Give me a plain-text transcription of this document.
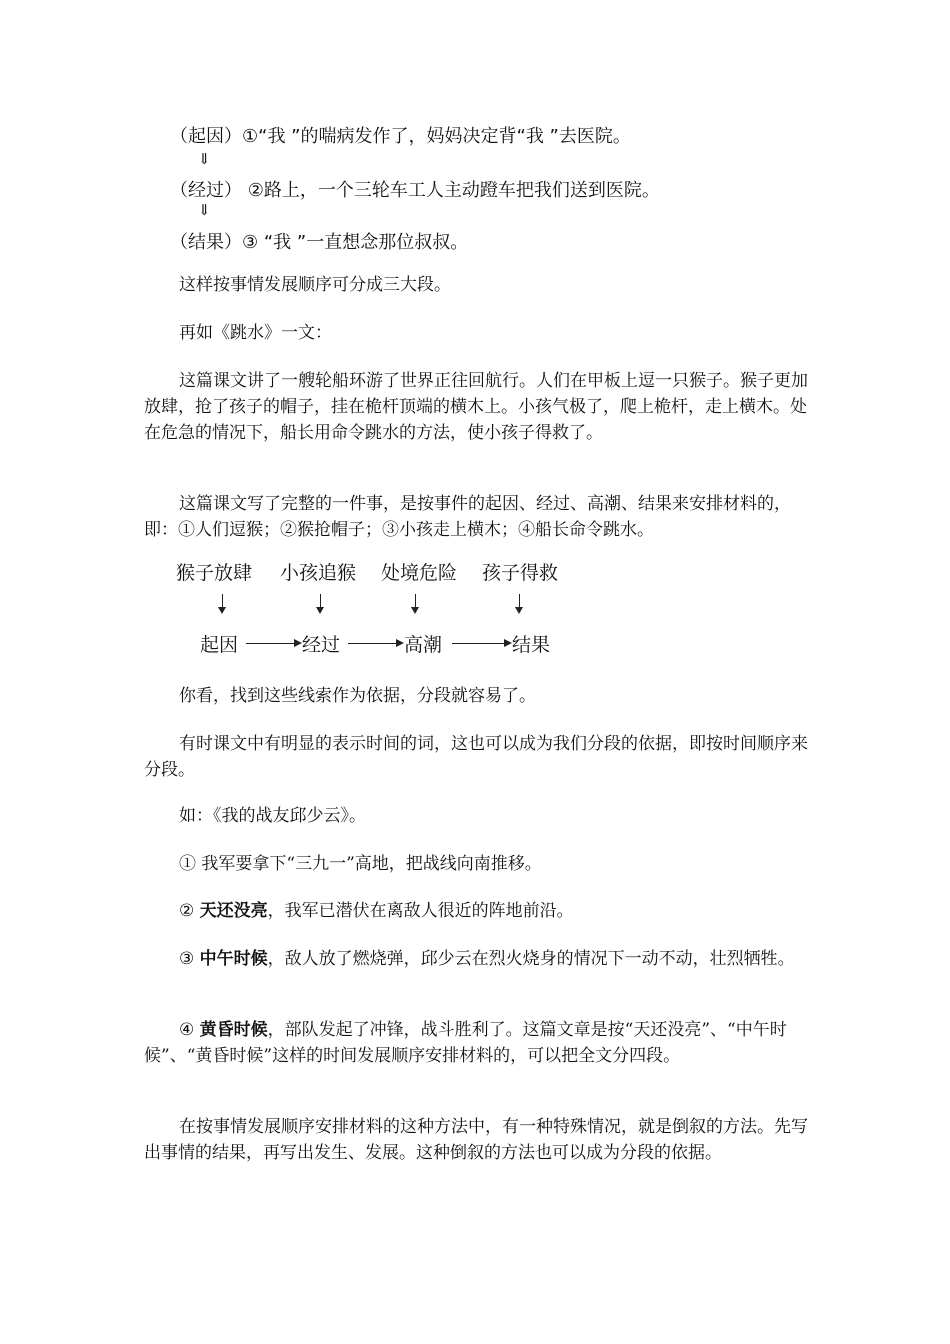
（起因）①“我 ”的喘病发作了，妈妈决定背“我 ”去医院。
⇓
（经过） ②路上，一个三轮车工人主动蹬车把我们送到医院。
⇓
（结果）③ “我 ”一直想念那位叔叔。
这样按事情发展顺序可分成三大段。
再如《跳水》一文：
这篇课文讲了一艘轮船环游了世界正往回航行。人们在甲板上逗一只猴子。猴子更加放肆，抢了孩子的帽子，挂在桅杆顶端的横木上。小孩气极了，爬上桅杆，走上横木。处在危急的情况下，船长用命令跳水的方法，使小孩子得救了。
这篇课文写了完整的一件事，是按事件的起因、经过、高潮、结果来安排材料的，即：①人们逗猴；②猴抢帽子；③小孩走上横木；④船长命令跳水。
猴子放肆 小孩追猴 处境危险 孩子得救
起因	经过	高潮	结果
你看，找到这些线索作为依据，分段就容易了。
有时课文中有明显的表示时间的词，这也可以成为我们分段的依据，即按时间顺序来分段。
如：《我的战友邱少云》。
① 我军要拿下“三九一”高地，把战线向南推移。
② 天还没亮，我军已潜伏在离敌人很近的阵地前沿。
③ 中午时候，敌人放了燃烧弹，邱少云在烈火烧身的情况下一动不动，壮烈牺牲。
④ 黄昏时候，部队发起了冲锋，战斗胜利了。这篇文章是按“天还没亮”、“中午时候”、“黄昏时候”这样的时间发展顺序安排材料的，可以把全文分四段。
在按事情发展顺序安排材料的这种方法中，有一种特殊情况，就是倒叙的方法。先写出事情的结果，再写出发生、发展。这种倒叙的方法也可以成为分段的依据。
